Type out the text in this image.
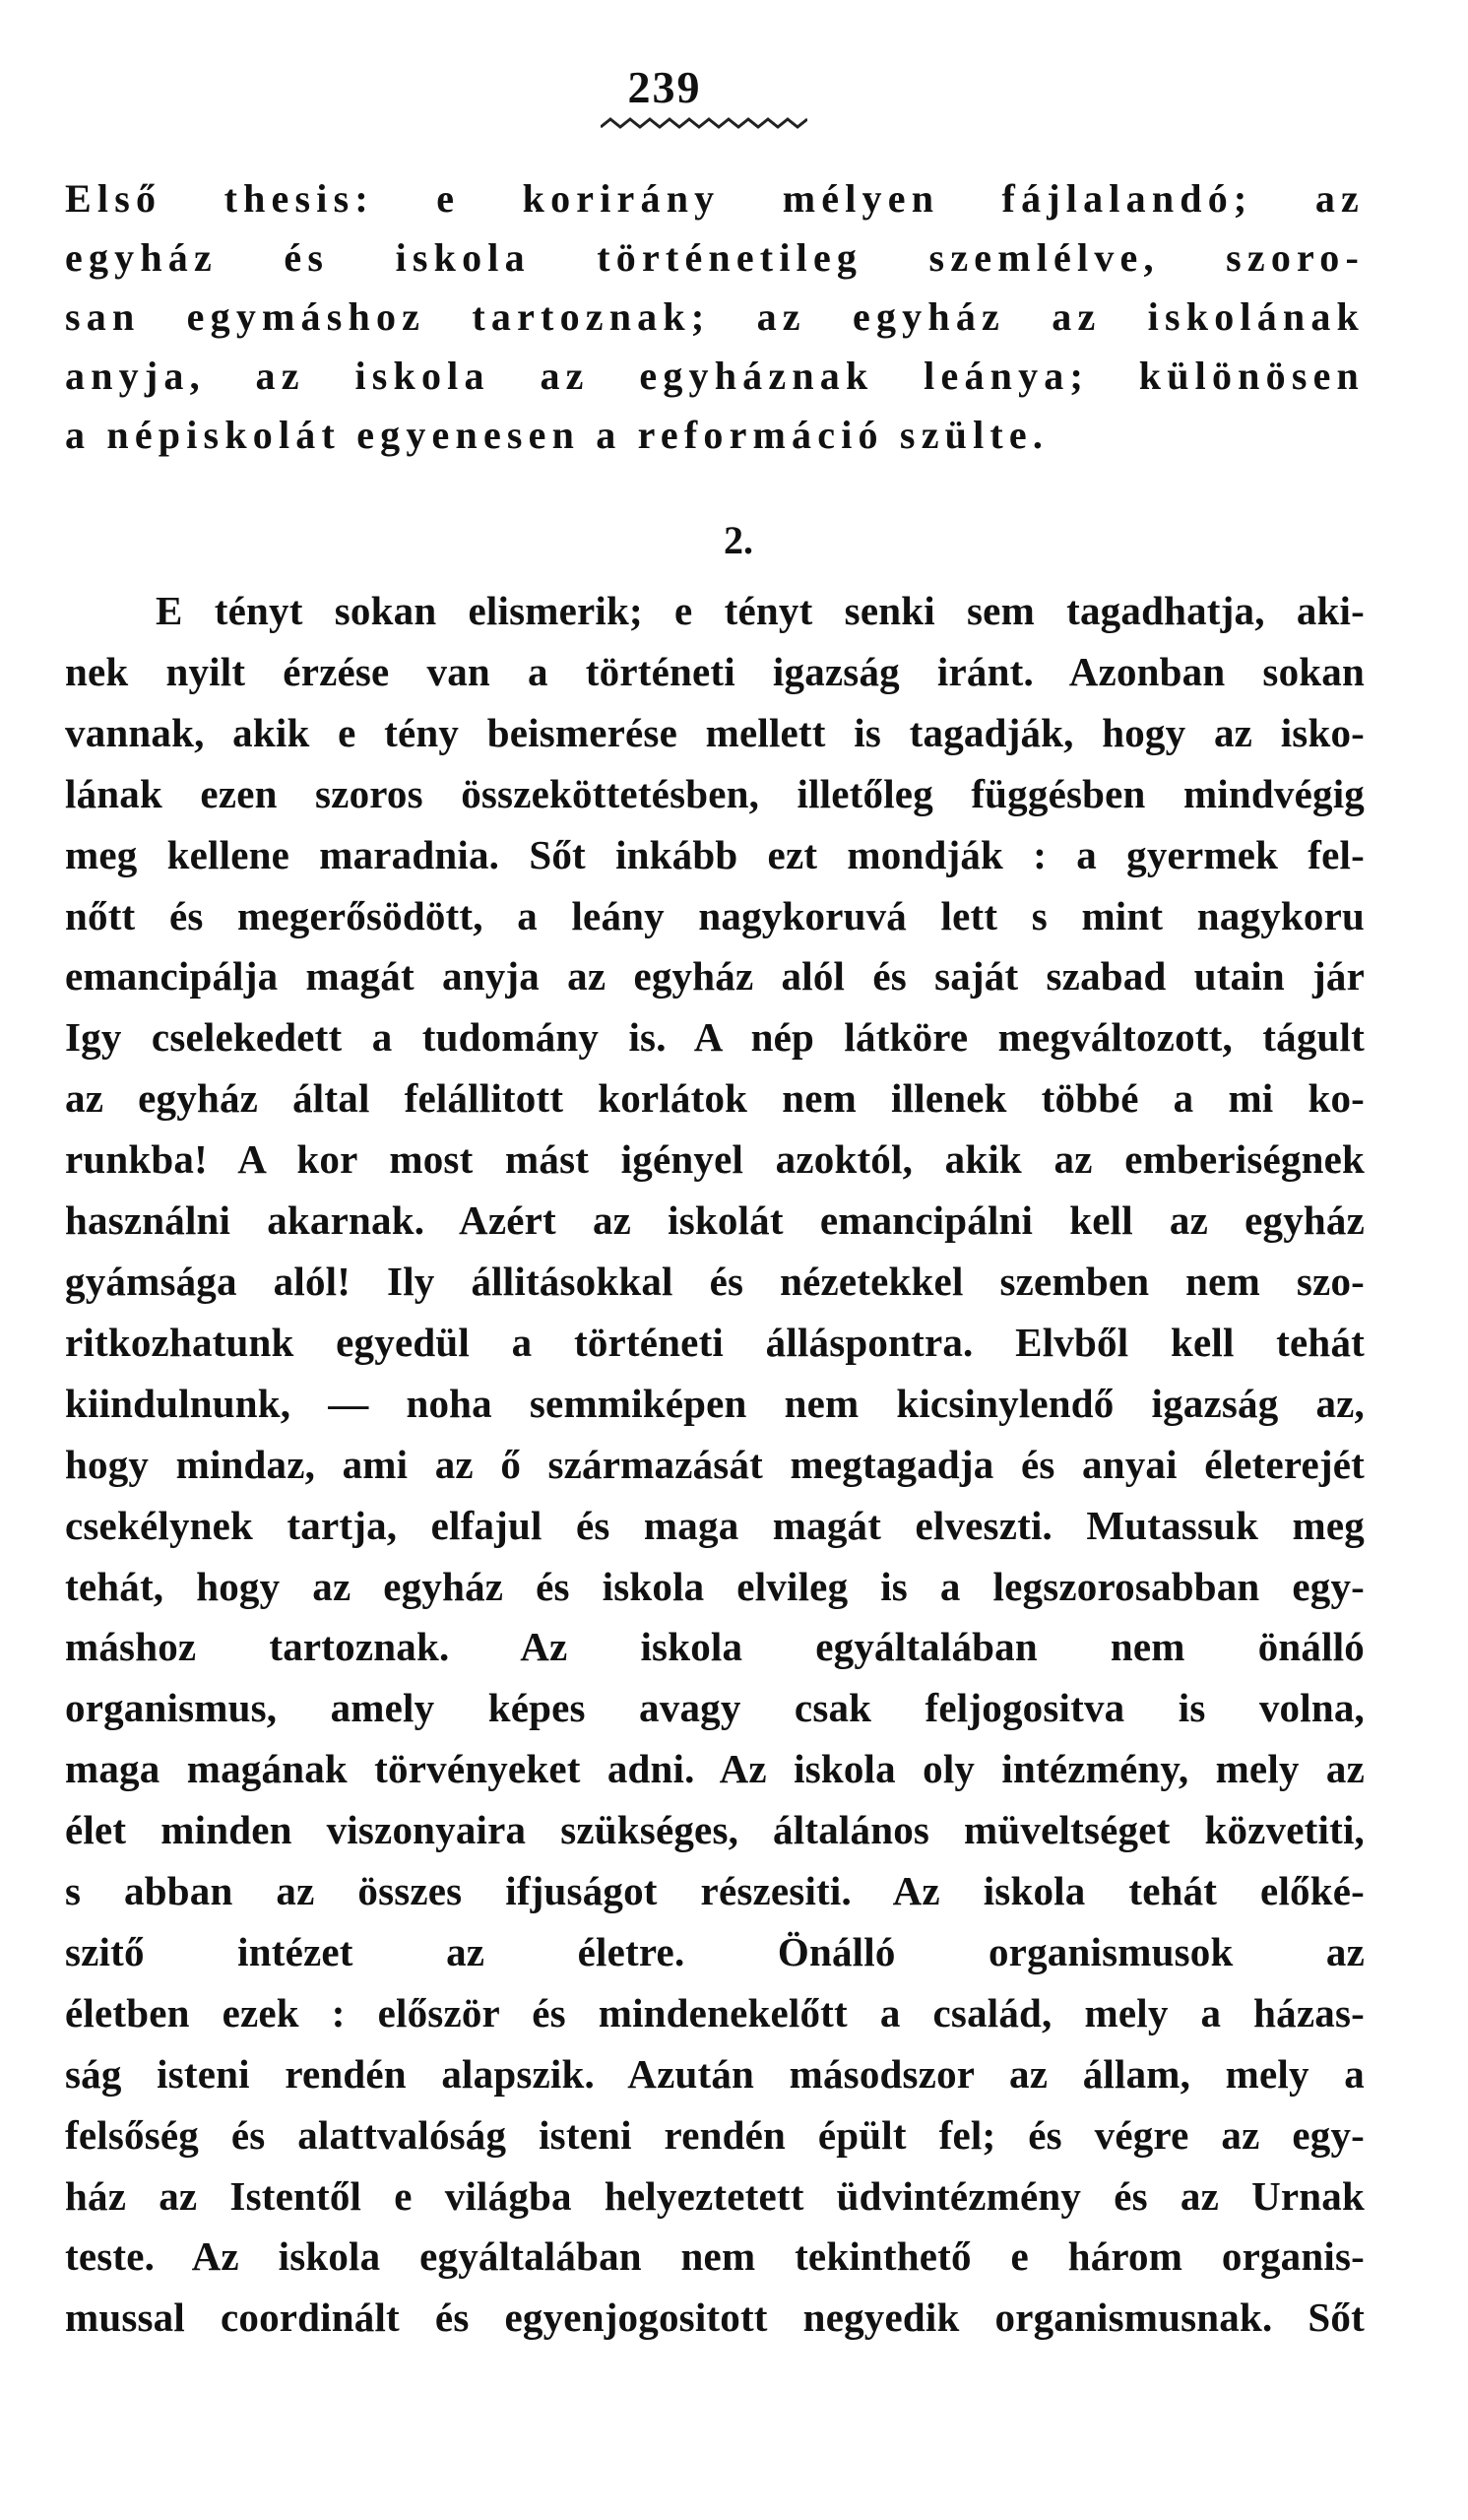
239
Első thesis: e korirány mélyen fájlalandó; az
egyház és iskola történetileg szemlélve, szoro-
san egymáshoz tartoznak; az egyház az iskolának
anyja, az iskola az egyháznak leánya; különösen
a népiskolát egyenesen a reformáció szülte.
2.
E tényt sokan elismerik; e tényt senki sem tagadhatja, aki-
nek nyilt érzése van a történeti igazság iránt. Azonban sokan
vannak, akik e tény beismerése mellett is tagadják, hogy az isko-
lának ezen szoros összeköttetésben, illetőleg függésben mindvégig
meg kellene maradnia. Sőt inkább ezt mondják : a gyermek fel-
nőtt és megerősödött, a leány nagykoruvá lett s mint nagykoru
emancipálja magát anyja az egyház alól és saját szabad utain jár
Igy cselekedett a tudomány is. A nép látköre megváltozott, tágult
az egyház által felállitott korlátok nem illenek többé a mi ko-
runkba! A kor most mást igényel azoktól, akik az emberiségnek
használni akarnak. Azért az iskolát emancipálni kell az egyház
gyámsága alól! Ily állitásokkal és nézetekkel szemben nem szo-
ritkozhatunk egyedül a történeti álláspontra. Elvből kell tehát
kiindulnunk, — noha semmiképen nem kicsinylendő igazság az,
hogy mindaz, ami az ő származását megtagadja és anyai életerejét
csekélynek tartja, elfajul és maga magát elveszti. Mutassuk meg
tehát, hogy az egyház és iskola elvileg is a legszorosabban egy-
máshoz tartoznak. Az iskola egyáltalában nem önálló
organismus, amely képes avagy csak feljogositva is volna,
maga magának törvényeket adni. Az iskola oly intézmény, mely az
élet minden viszonyaira szükséges, általános müveltséget közvetiti,
s abban az összes ifjuságot részesiti. Az iskola tehát előké-
szitő intézet az életre. Önálló organismusok az
életben ezek : először és mindenekelőtt a család, mely a házas-
ság isteni rendén alapszik. Azután másodszor az állam, mely a
felsőség és alattvalóság isteni rendén épült fel; és végre az egy-
ház az Istentől e világba helyeztetett üdvintézmény és az Urnak
teste. Az iskola egyáltalában nem tekinthető e három organis-
mussal coordinált és egyenjogositott negyedik organismusnak. Sőt
